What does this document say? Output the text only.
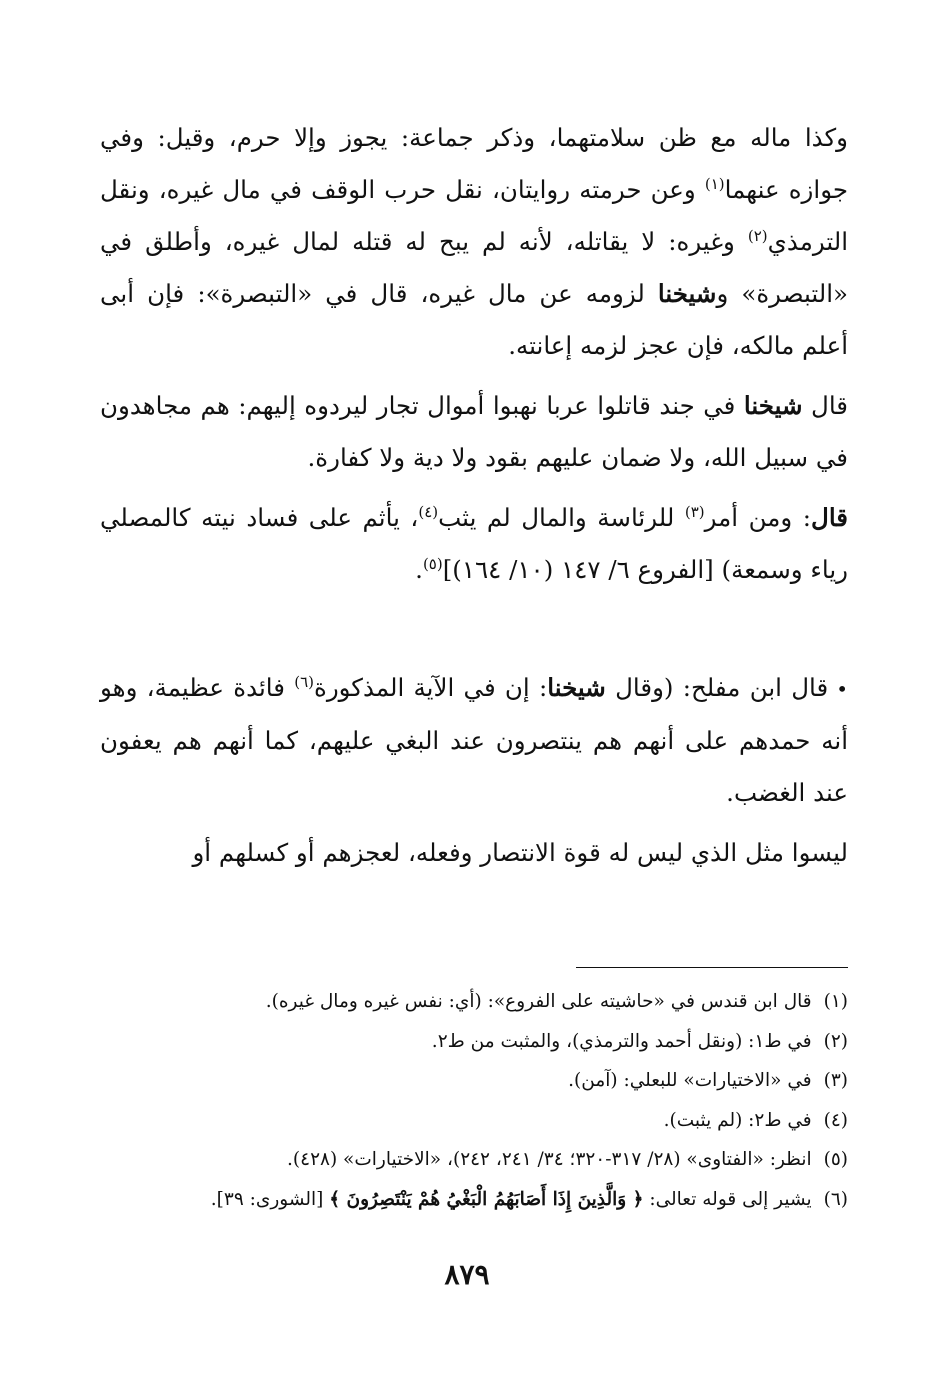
وكذا ماله مع ظن سلامتهما، وذكر جماعة: يجوز وإلا حرم، وقيل: وفي جوازه عنهما$^{(١)}$ وعن حرمته روايتان، نقل حرب الوقف في مال غيره، ونقل الترمذي$^{(٢)}$ وغيره: لا يقاتله، لأنه لم يبح له قتله لمال غيره، وأطلق في «التبصرة» وشيخنا لزومه عن مال غيره، قال في «التبصرة»: فإن أبى أعلم مالكه، فإن عجز لزمه إعانته.

قال شيخنا في جند قاتلوا عربا نهبوا أموال تجار ليردوه إليهم: هم مجاهدون في سبيل الله، ولا ضمان عليهم بقود ولا دية ولا كفارة.

قال: ومن أمر$^{(٣)}$ للرئاسة والمال لم يثب$^{(٤)}$، يأثم على فساد نيته كالمصلي رياء وسمعة) [الفروع ٦/ ١٤٧ (١٠/ ١٦٤)]$^{(٥)}$.

•قال ابن مفلح: (وقال شيخنا: إن في الآية المذكورة$^{(٦)}$ فائدة عظيمة، وهو أنه حمدهم على أنهم هم ينتصرون عند البغي عليهم، كما أنهم هم يعفون عند الغضب.

ليسوا مثل الذي ليس له قوة الانتصار وفعله، لعجزهم أو كسلهم أو

(١)قال ابن قندس في «حاشيته على الفروع»: (أي: نفس غيره ومال غيره).
(٢)في ط١: (ونقل أحمد والترمذي)، والمثبت من ط٢.
(٣)في «الاختيارات» للبعلي: (آمن).
(٤)في ط٢: (لم يثبت).
(٥)انظر: «الفتاوى» (٢٨/ ٣١٧-٣٢٠؛ ٣٤/ ٢٤١، ٢٤٢)، «الاختيارات» (٤٢٨).
(٦)يشير إلى قوله تعالى: ﴿ وَالَّذِينَ إِذَا أَصَابَهُمُ الْبَغْيُ هُمْ يَنْتَصِرُونَ ﴾ [الشورى: ٣٩].
٨٧٩
